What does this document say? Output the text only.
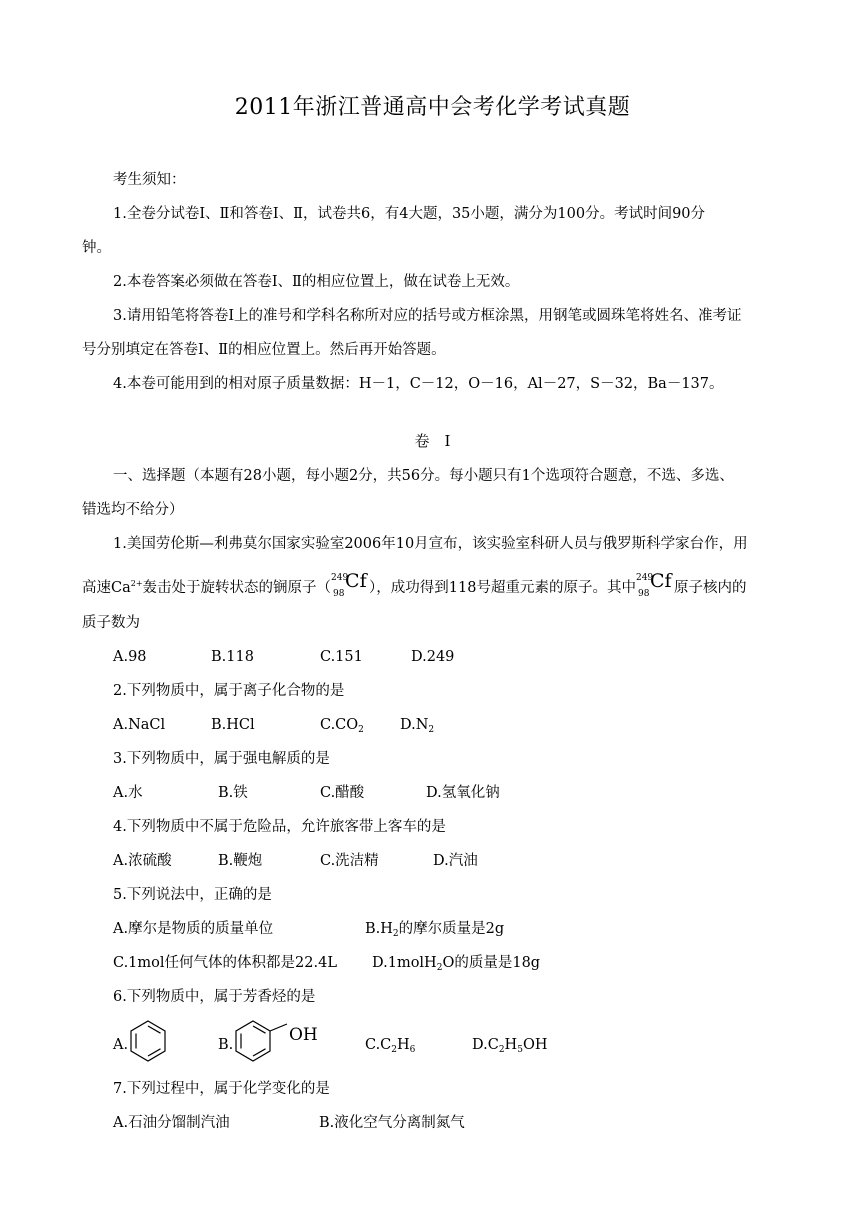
2011年浙江普通高中会考化学考试真题
考生须知：
1.全卷分试卷Ⅰ、Ⅱ和答卷Ⅰ、Ⅱ，试卷共6，有4大题，35小题，满分为100分。考试时间90分
钟。
2.本卷答案必须做在答卷Ⅰ、Ⅱ的相应位置上，做在试卷上无效。
3.请用铅笔将答卷Ⅰ上的准号和学科名称所对应的括号或方框涂黑，用钢笔或圆珠笔将姓名、准考证
号分别填定在答卷Ⅰ、Ⅱ的相应位置上。然后再开始答题。
4.本卷可能用到的相对原子质量数据：H－1，C－12，O－16，Al－27，S－32，Ba－137。
卷　Ⅰ
一、选择题（本题有28小题，每小题2分，共56分。每小题只有1个选项符合题意，不选、多选、
错选均不给分）
1.美国劳伦斯—利弗莫尔国家实验室2006年10月宣布，该实验室科研人员与俄罗斯科学家台作，用
高速$Ca^{2+}$轰击处于旋转状态的锎原子（
249
98
Cf ），成功得到118号超重元素的原子。其中
249
98
Cf 原子核内的
质子数为
A.98	B.118	C.151	D.249
2.下列物质中，属于离子化合物的是
A.NaCl	B.HCl	$C.CO_2$ $D.N_2$
3.下列物质中，属于强电解质的是
A.水	B.铁	C.醋酸	D.氢氧化钠
4.下列物质中不属于危险品，允许旅客带上客车的是
A.浓硫酸	B.鞭炮	C.洗洁精	D.汽油
5.下列说法中，正确的是
A.摩尔是物质的质量单位	$B.H_2$的摩尔质量是2g
C.1mol任何气体的体积都是22.4L D.1molH$_2$O的质量是18g
6.下列物质中，属于芳香烃的是
A.	B.	OH	$C.C_2H_6$	$D.C_2H_5OH$
7.下列过程中，属于化学变化的是
A.石油分馏制汽油	B.液化空气分离制氮气
